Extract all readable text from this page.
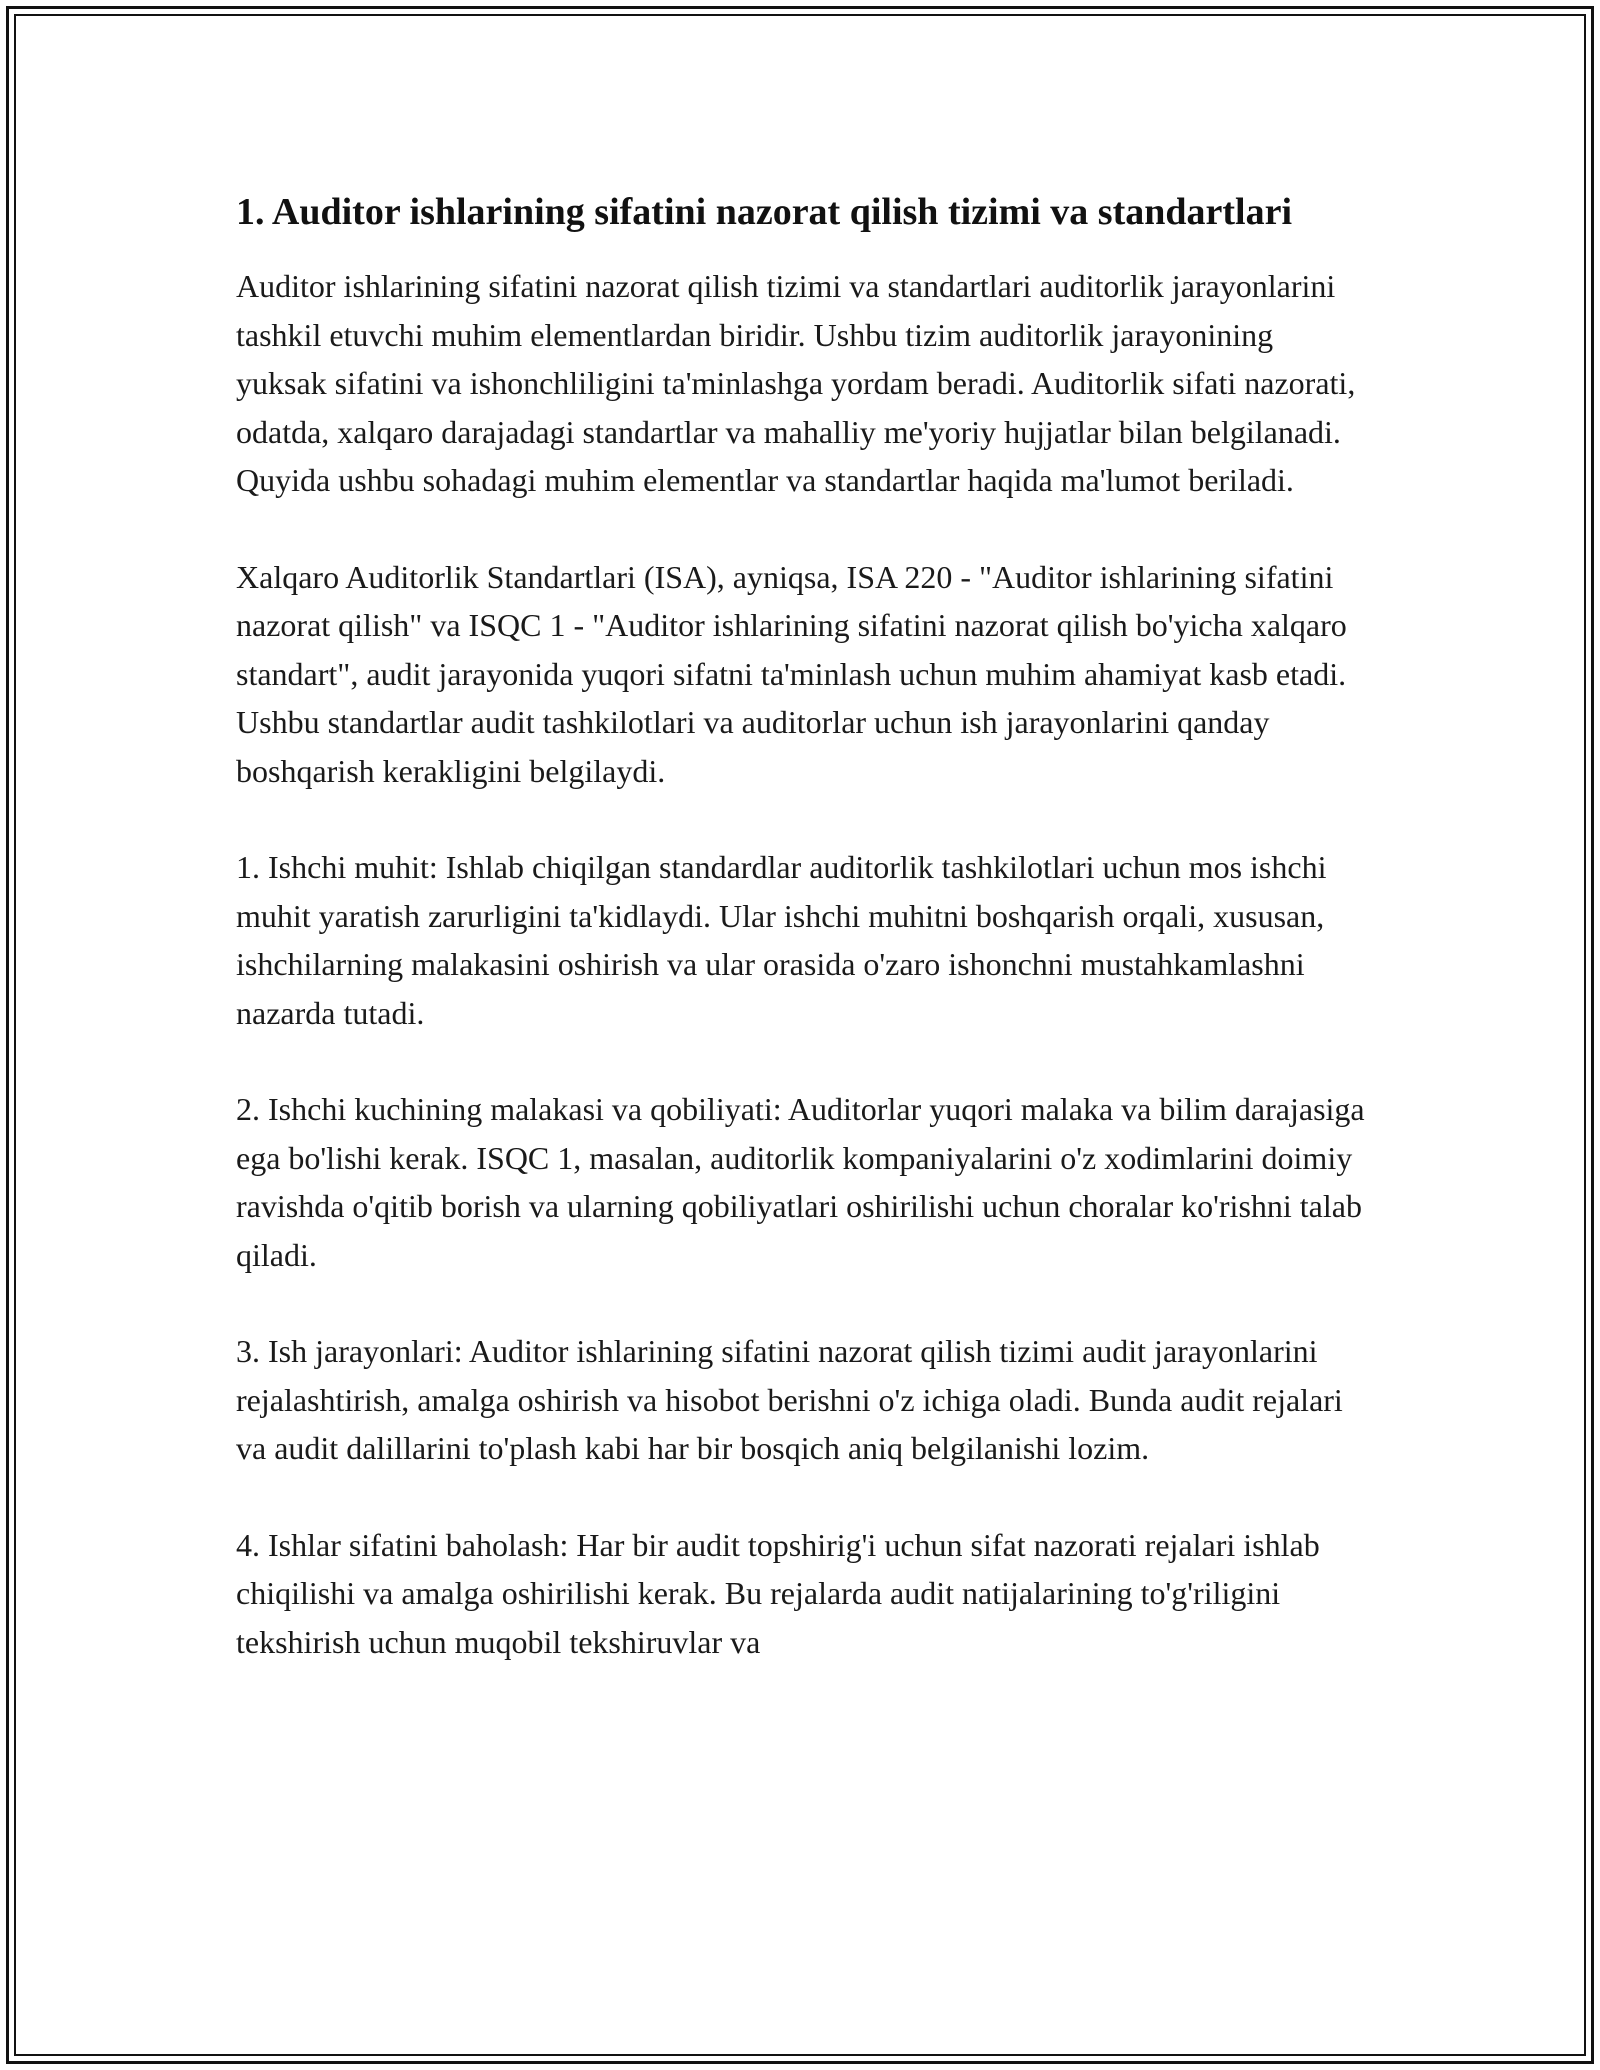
1. Auditor ishlarining sifatini nazorat qilish tizimi va standartlari

Auditor ishlarining sifatini nazorat qilish tizimi va standartlari auditorlik jarayonlarini tashkil etuvchi muhim elementlardan biridir. Ushbu tizim auditorlik jarayonining yuksak sifatini va ishonchliligini ta'minlashga yordam beradi. Auditorlik sifati nazorati, odatda, xalqaro darajadagi standartlar va mahalliy me'yoriy hujjatlar bilan belgilanadi. Quyida ushbu sohadagi muhim elementlar va standartlar haqida ma'lumot beriladi.

Xalqaro Auditorlik Standartlari (ISA), ayniqsa, ISA 220 - "Auditor ishlarining sifatini nazorat qilish" va ISQC 1 - "Auditor ishlarining sifatini nazorat qilish bo'yicha xalqaro standart", audit jarayonida yuqori sifatni ta'minlash uchun muhim ahamiyat kasb etadi. Ushbu standartlar audit tashkilotlari va auditorlar uchun ish jarayonlarini qanday boshqarish kerakligini belgilaydi.

1. Ishchi muhit: Ishlab chiqilgan standardlar auditorlik tashkilotlari uchun mos ishchi muhit yaratish zarurligini ta'kidlaydi. Ular ishchi muhitni boshqarish orqali, xususan, ishchilarning malakasini oshirish va ular orasida o'zaro ishonchni mustahkamlashni nazarda tutadi.

2. Ishchi kuchining malakasi va qobiliyati: Auditorlar yuqori malaka va bilim darajasiga ega bo'lishi kerak. ISQC 1, masalan, auditorlik kompaniyalarini o'z xodimlarini doimiy ravishda o'qitib borish va ularning qobiliyatlari oshirilishi uchun choralar ko'rishni talab qiladi.

3. Ish jarayonlari: Auditor ishlarining sifatini nazorat qilish tizimi audit jarayonlarini rejalashtirish, amalga oshirish va hisobot berishni o'z ichiga oladi. Bunda audit rejalari va audit dalillarini to'plash kabi har bir bosqich aniq belgilanishi lozim.

4. Ishlar sifatini baholash: Har bir audit topshirig'i uchun sifat nazorati rejalari ishlab chiqilishi va amalga oshirilishi kerak. Bu rejalarda audit natijalarining to'g'riligini tekshirish uchun muqobil tekshiruvlar va
